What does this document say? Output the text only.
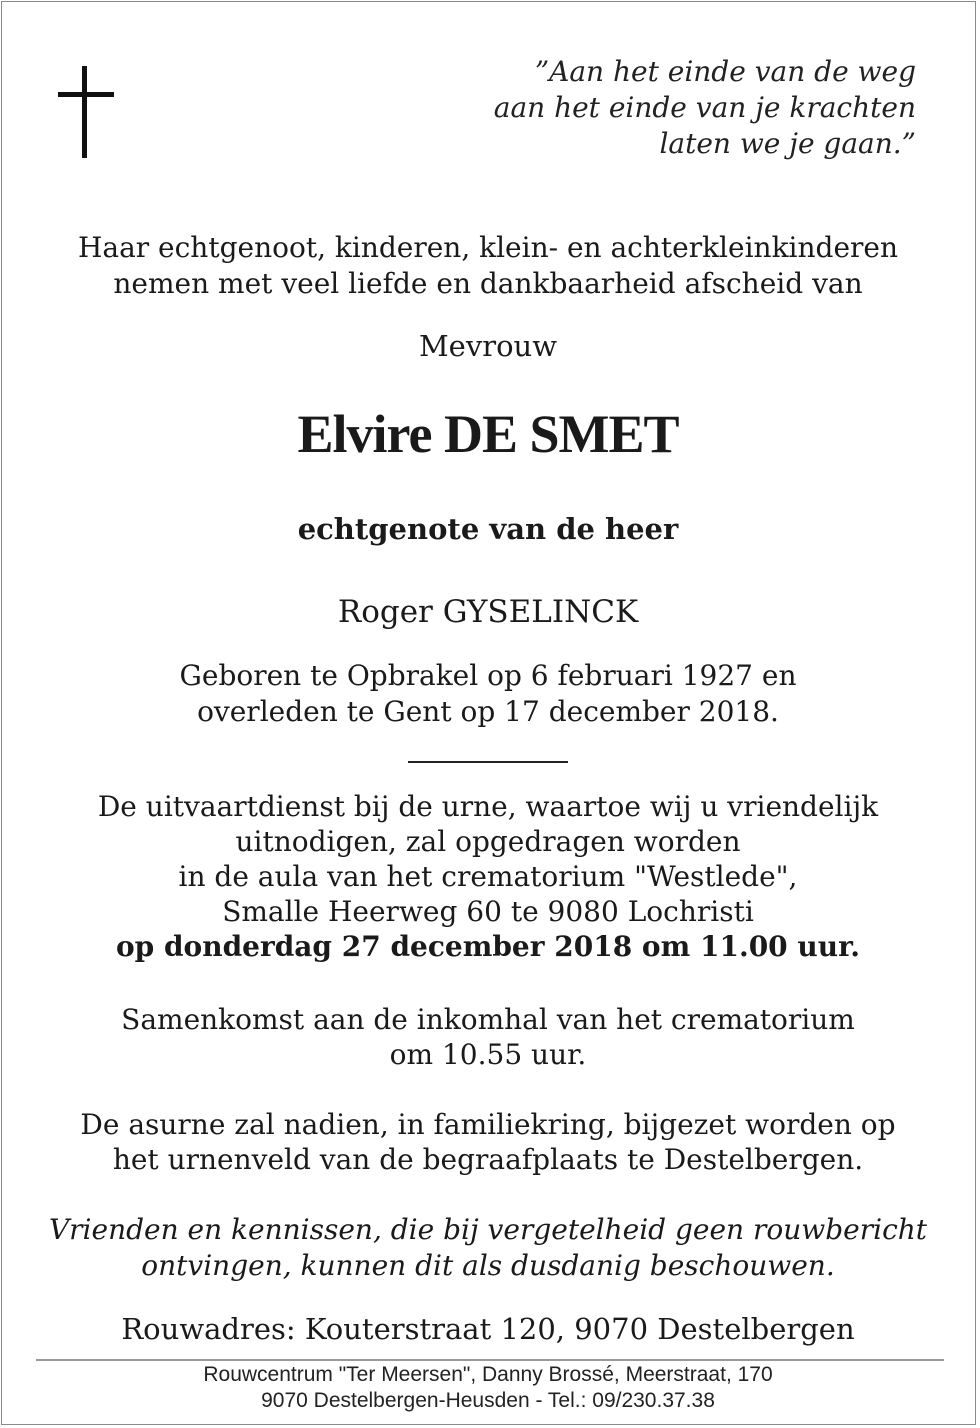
”Aan het einde van de weg
aan het einde van je krachten
laten we je gaan.”
Haar echtgenoot, kinderen, klein- en achterkleinkinderen
nemen met veel liefde en dankbaarheid afscheid van
Mevrouw
Elvire DE SMET
echtgenote van de heer
Roger GYSELINCK
Geboren te Opbrakel op 6 februari 1927 en
overleden te Gent op 17 december 2018.
De uitvaartdienst bij de urne, waartoe wij u vriendelijk
uitnodigen, zal opgedragen worden
in de aula van het crematorium "Westlede",
Smalle Heerweg 60 te 9080 Lochristi
op donderdag 27 december 2018 om 11.00 uur.
Samenkomst aan de inkomhal van het crematorium
om 10.55 uur.
De asurne zal nadien, in familiekring, bijgezet worden op
het urnenveld van de begraafplaats te Destelbergen.
Vrienden en kennissen, die bij vergetelheid geen rouwbericht
ontvingen, kunnen dit als dusdanig beschouwen.
Rouwadres: Kouterstraat 120, 9070 Destelbergen
Rouwcentrum "Ter Meersen", Danny Brossé, Meerstraat, 170
9070 Destelbergen-Heusden - Tel.: 09/230.37.38
